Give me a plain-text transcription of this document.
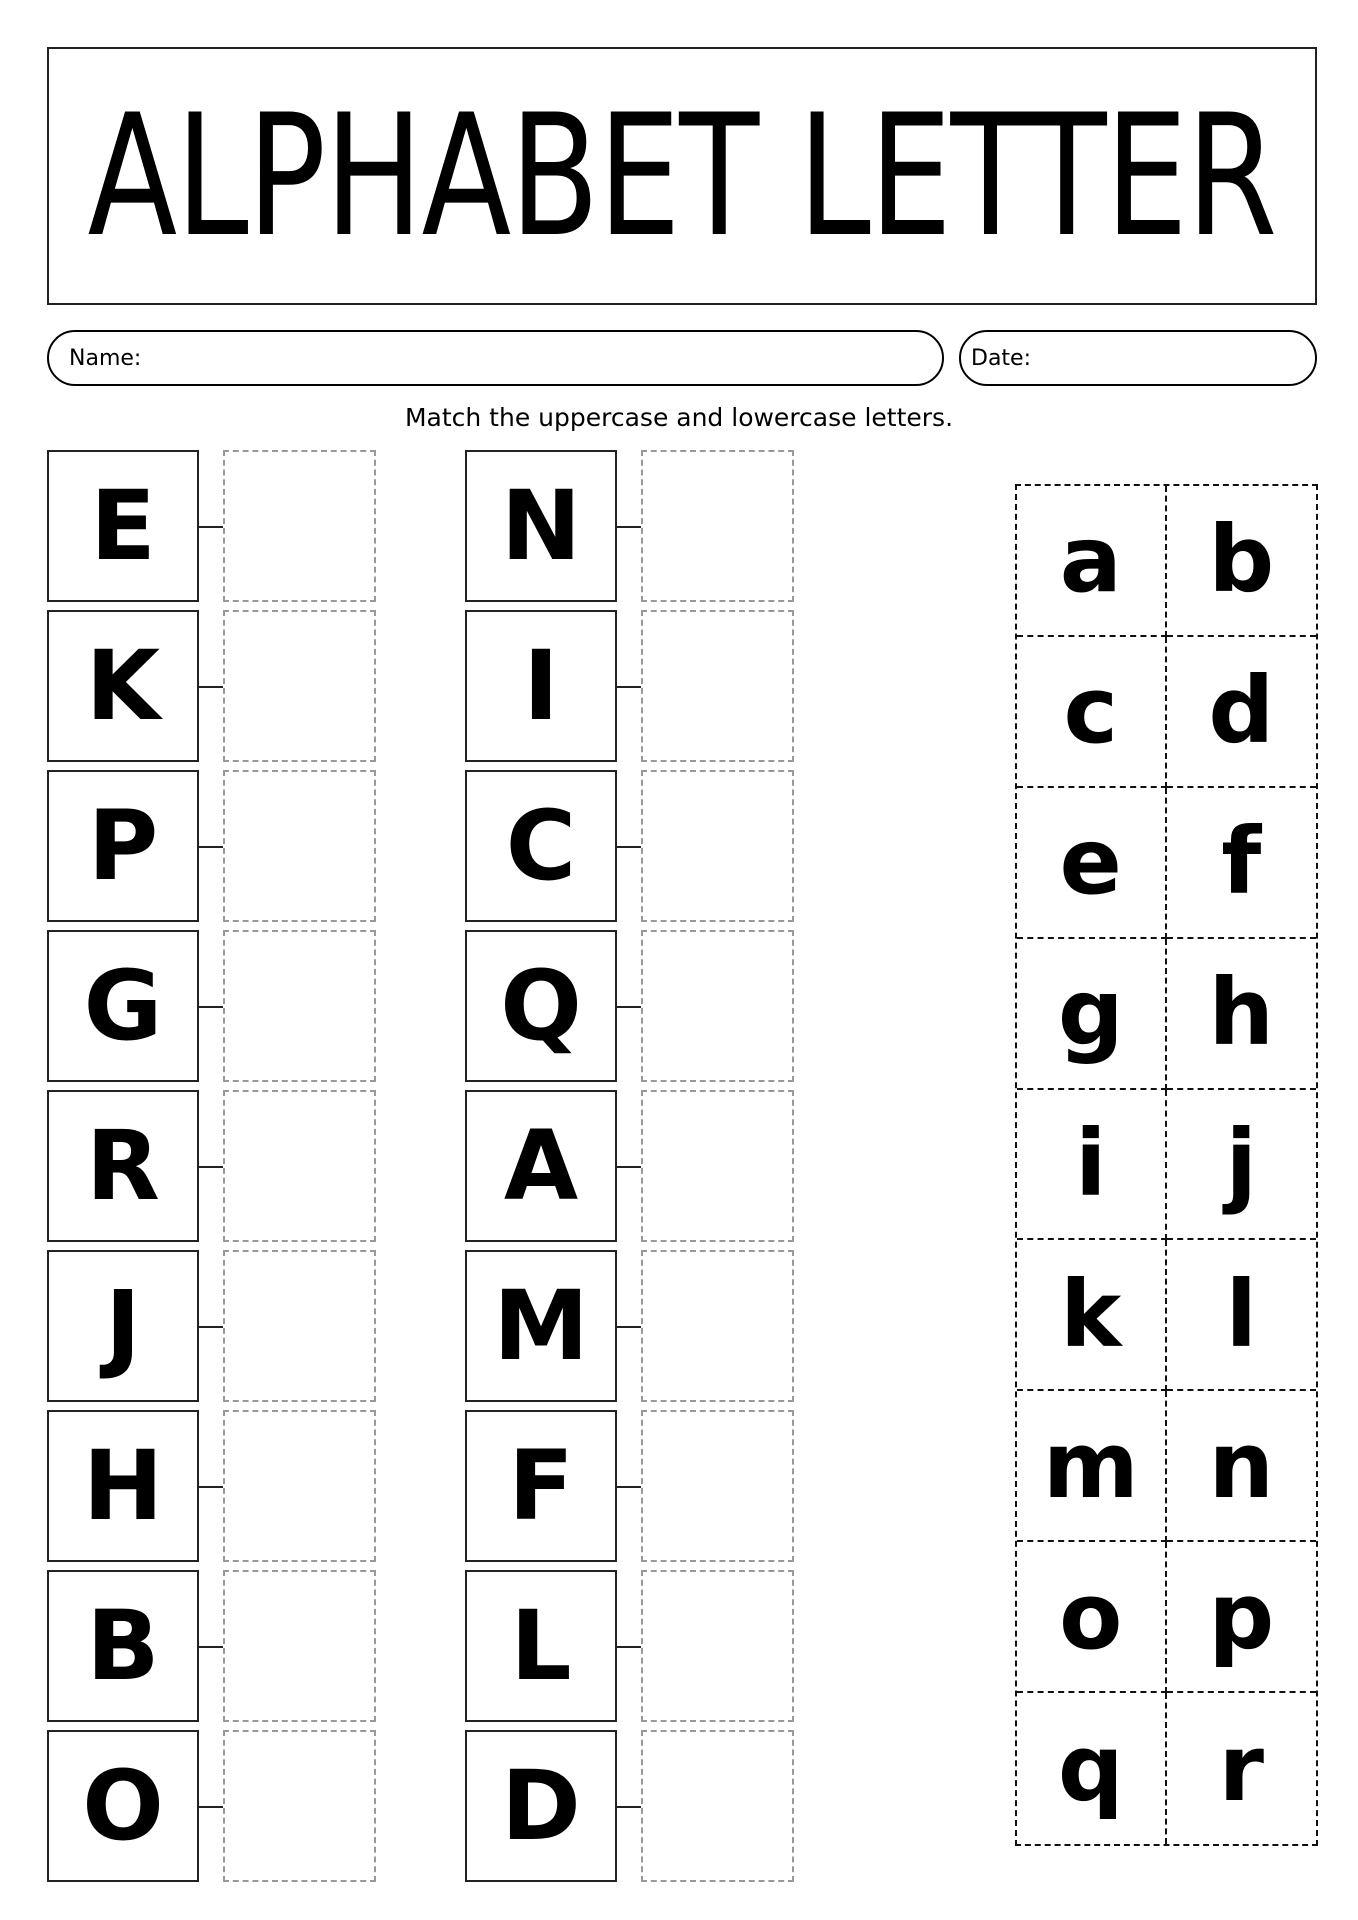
ALPHABET LETTER
Name:	Date:
Match the uppercase and lowercase letters.
E
K
P
G
R
J
H
B
O
N
I
C
Q
A
M
F
L
D
a b
c d
e	f
g h
i	j
k	l
m n
o p
q	r
